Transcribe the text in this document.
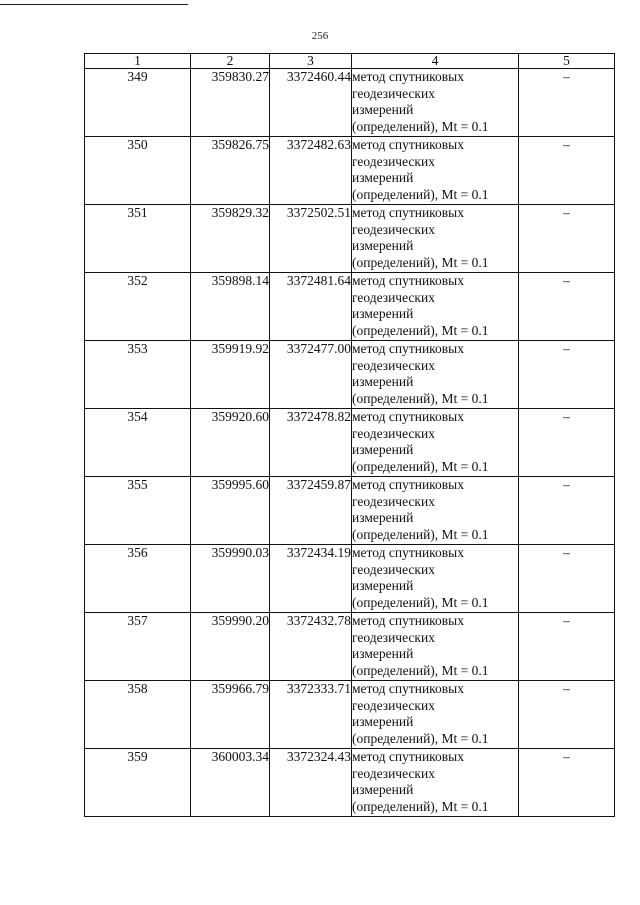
256
1	2	3	4	5
349	359830.27	3372460.44	метод спутниковых
геодезических
измерений
(определений), Mt = 0.1	–
350	359826.75	3372482.63	метод спутниковых
геодезических
измерений
(определений), Mt = 0.1	–
351	359829.32	3372502.51	метод спутниковых
геодезических
измерений
(определений), Mt = 0.1	–
352	359898.14	3372481.64	метод спутниковых
геодезических
измерений
(определений), Mt = 0.1	–
353	359919.92	3372477.00	метод спутниковых
геодезических
измерений
(определений), Mt = 0.1	–
354	359920.60	3372478.82	метод спутниковых
геодезических
измерений
(определений), Mt = 0.1	–
355	359995.60	3372459.87	метод спутниковых
геодезических
измерений
(определений), Mt = 0.1	–
356	359990.03	3372434.19	метод спутниковых
геодезических
измерений
(определений), Mt = 0.1	–
357	359990.20	3372432.78	метод спутниковых
геодезических
измерений
(определений), Mt = 0.1	–
358	359966.79	3372333.71	метод спутниковых
геодезических
измерений
(определений), Mt = 0.1	–
359	360003.34	3372324.43	метод спутниковых
геодезических
измерений
(определений), Mt = 0.1	–
